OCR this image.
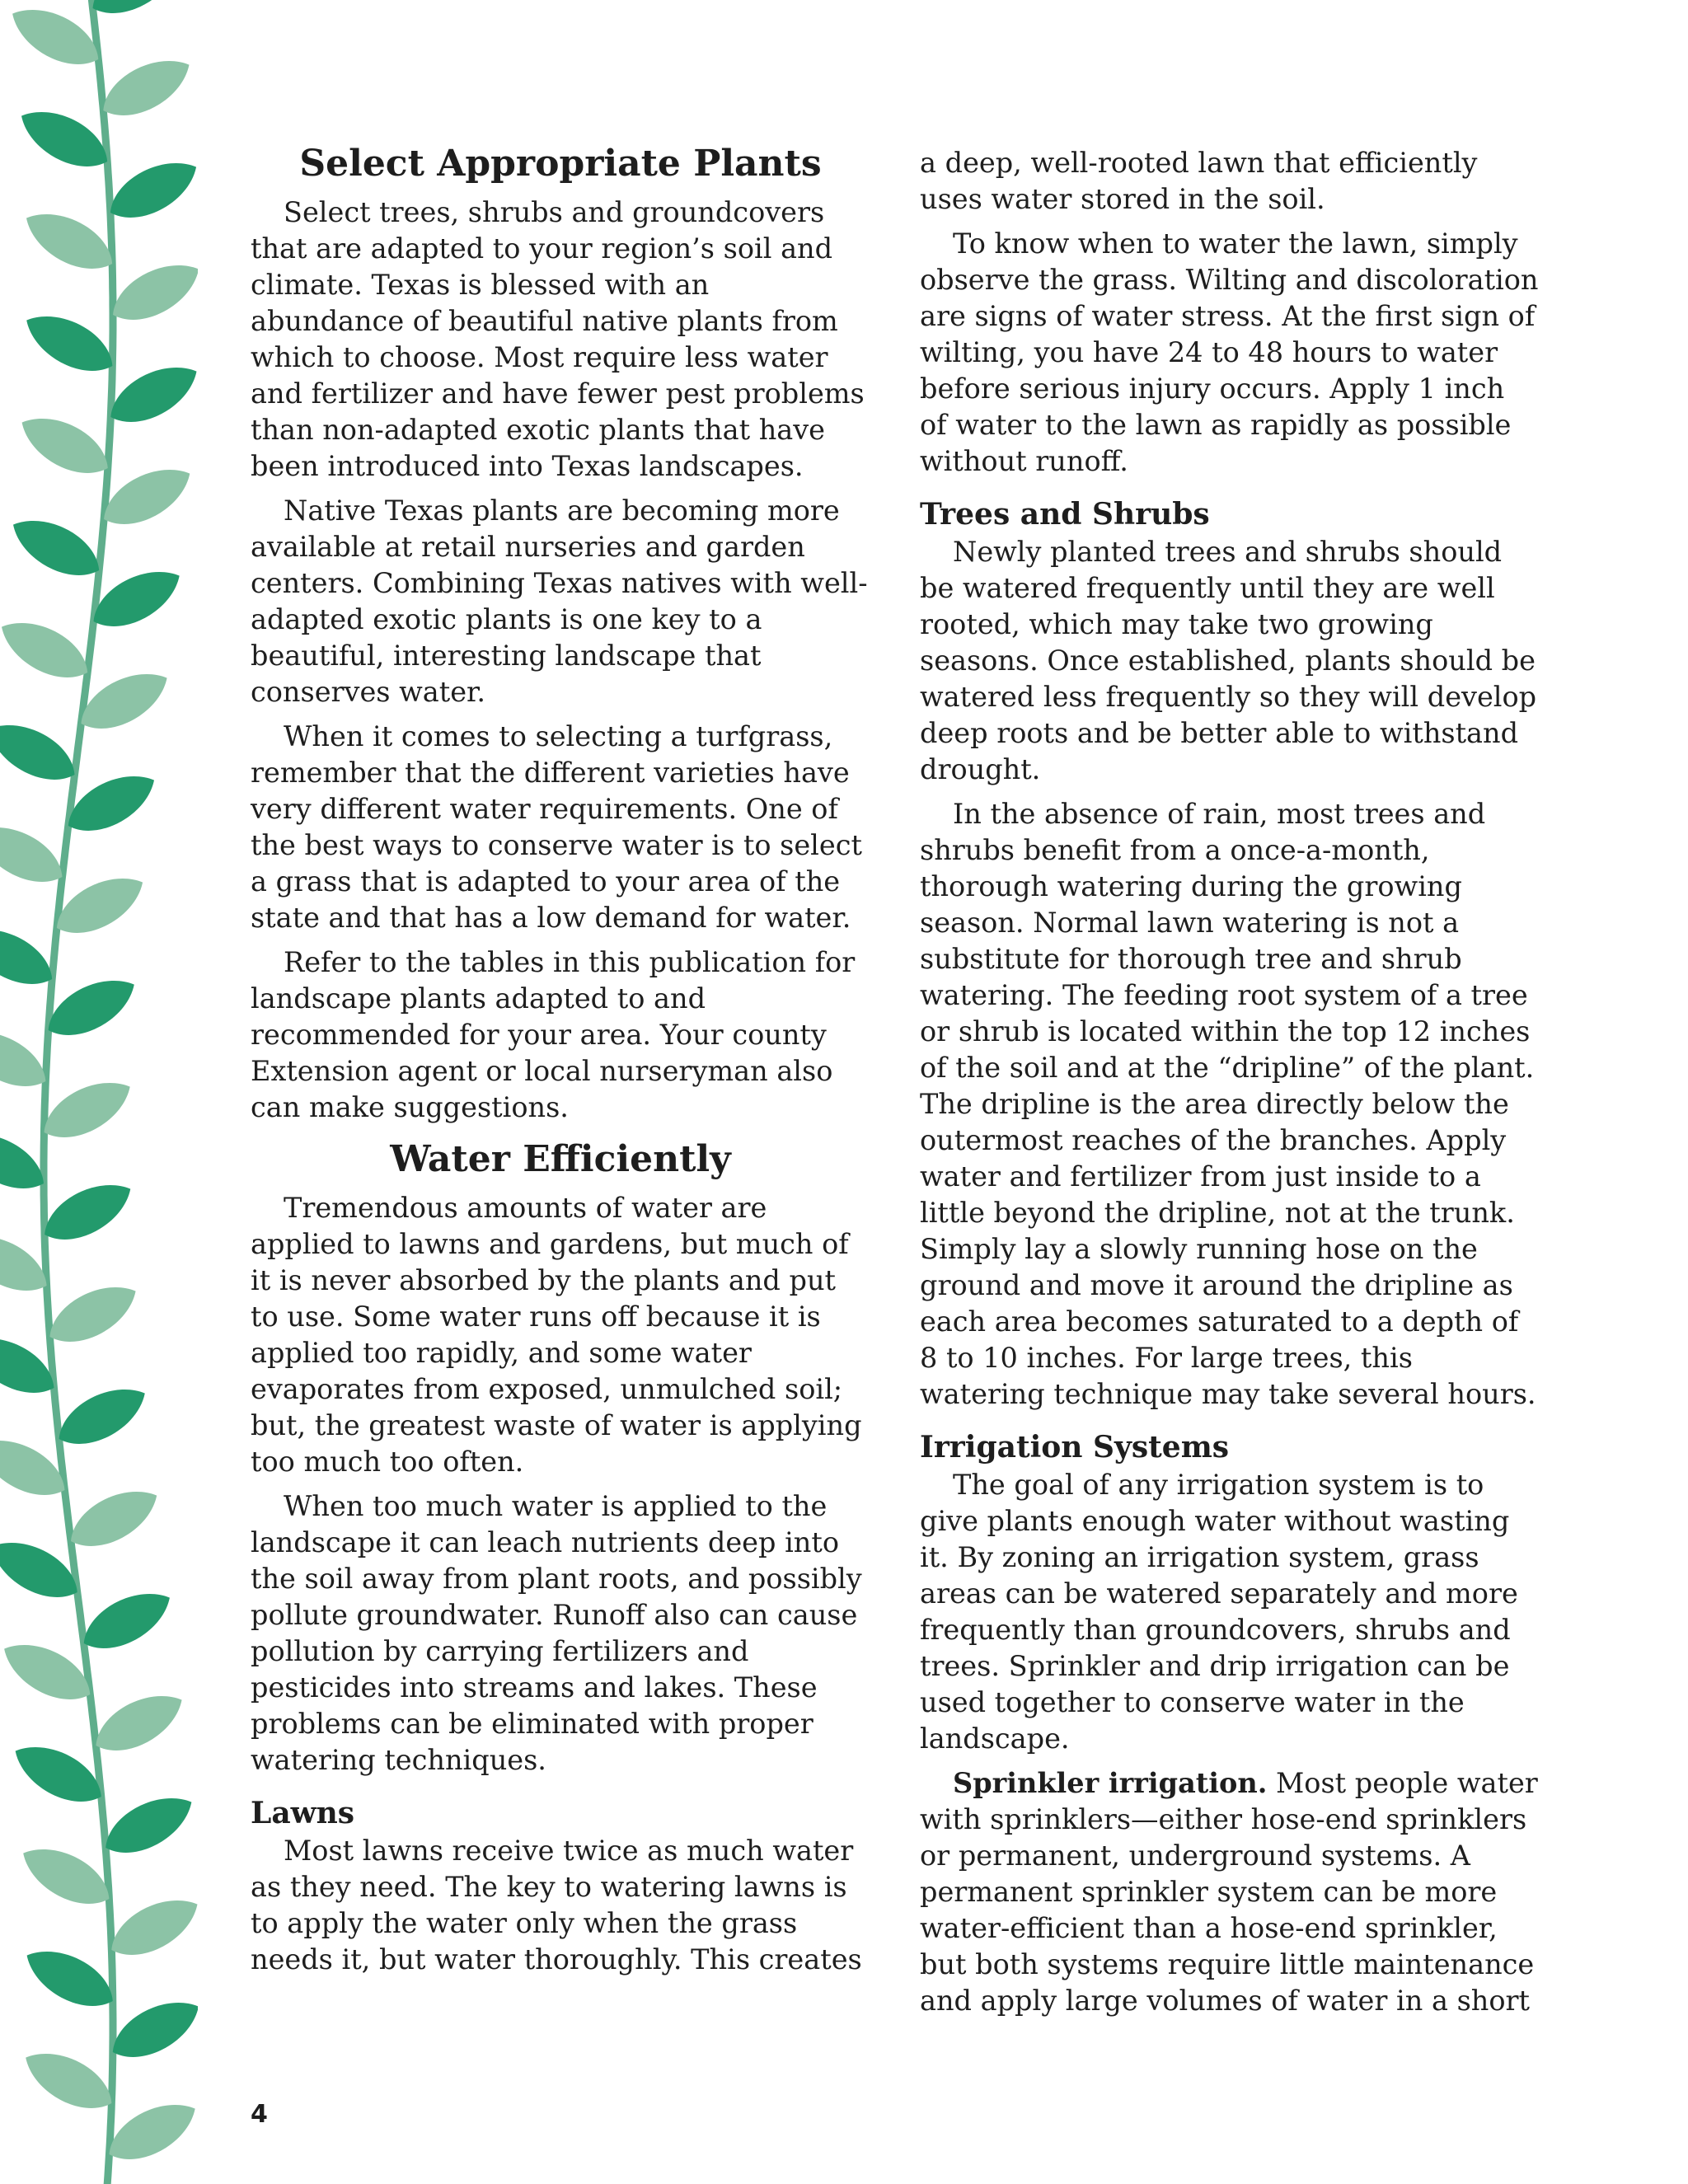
Select Appropriate Plants

Select trees, shrubs and groundcovers that are adapted to your region’s soil and climate. Texas is blessed with an abundance of beautiful native plants from which to choose. Most require less water and fertilizer and have fewer pest problems than non-adapted exotic plants that have been introduced into Texas landscapes.

Native Texas plants are becoming more available at retail nurseries and garden centers. Combining Texas natives with well-adapted exotic plants is one key to a beautiful, interesting landscape that conserves water.

When it comes to selecting a turfgrass, remember that the different varieties have very different water requirements. One of the best ways to conserve water is to select a grass that is adapted to your area of the state and that has a low demand for water.

Refer to the tables in this publication for landscape plants adapted to and recommended for your area. Your county Extension agent or local nurseryman also can make suggestions.

Water Efficiently

Tremendous amounts of water are applied to lawns and gardens, but much of it is never absorbed by the plants and put to use. Some water runs off because it is applied too rapidly, and some water evaporates from exposed, unmulched soil; but, the greatest waste of water is applying too much too often.

When too much water is applied to the landscape it can leach nutrients deep into the soil away from plant roots, and possibly pollute groundwater. Runoff also can cause pollution by carrying fertilizers and pesticides into streams and lakes. These problems can be eliminated with proper watering techniques.

Lawns

Most lawns receive twice as much water as they need. The key to watering lawns is to apply the water only when the grass needs it, but water thoroughly. This creates

a deep, well-rooted lawn that efficiently uses water stored in the soil.

To know when to water the lawn, simply observe the grass. Wilting and discoloration are signs of water stress. At the first sign of wilting, you have 24 to 48 hours to water before serious injury occurs. Apply 1 inch of water to the lawn as rapidly as possible without runoff.

Trees and Shrubs

Newly planted trees and shrubs should be watered frequently until they are well rooted, which may take two growing seasons. Once established, plants should be watered less frequently so they will develop deep roots and be better able to withstand drought.

In the absence of rain, most trees and shrubs benefit from a once-a-month, thorough watering during the growing season. Normal lawn watering is not a substitute for thorough tree and shrub watering. The feeding root system of a tree or shrub is located within the top 12 inches of the soil and at the “dripline” of the plant. The dripline is the area directly below the outermost reaches of the branches. Apply water and fertilizer from just inside to a little beyond the dripline, not at the trunk. Simply lay a slowly running hose on the ground and move it around the dripline as each area becomes saturated to a depth of 8 to 10 inches. For large trees, this watering technique may take several hours.

Irrigation Systems

The goal of any irrigation system is to give plants enough water without wasting it. By zoning an irrigation system, grass areas can be watered separately and more frequently than groundcovers, shrubs and trees. Sprinkler and drip irrigation can be used together to conserve water in the landscape.

Sprinkler irrigation. Most people water with sprinklers—either hose-end sprinklers or permanent, underground systems. A permanent sprinkler system can be more water-efficient than a hose-end sprinkler, but both systems require little maintenance and apply large volumes of water in a short

4
